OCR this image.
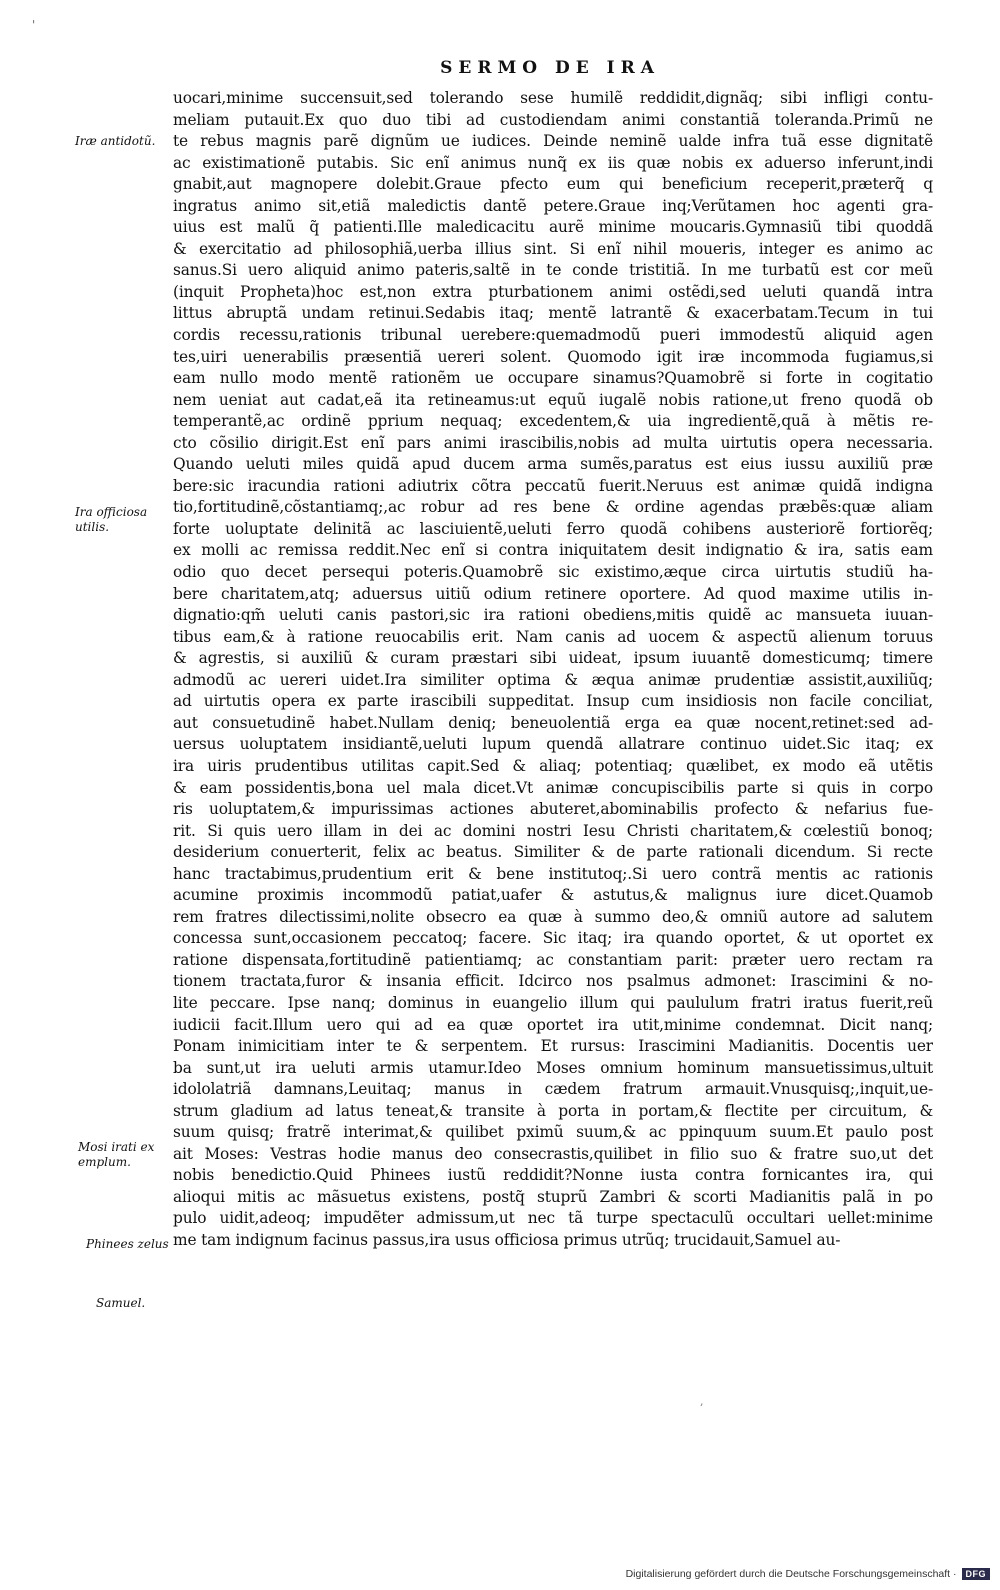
'
SERMO DE IRA
uocari,minime succensuit,sed tolerando sese humilẽ reddidit,dignãq; sibi infligi contu-
meliam putauit.Ex quo duo tibi ad custodiendam animi constantiã toleranda.Primũ ne
te rebus magnis parẽ dignũm ue iudices. Deinde neminẽ ualde infra tuã esse dignitatẽ
ac existimationẽ putabis. Sic enĩ animus nunq̃ ex iis quæ nobis ex aduerso inferunt,indi
gnabit,aut magnopere dolebit.Graue pfecto eum qui beneficium receperit,præterq̃ q
ingratus animo sit,etiã maledictis dantẽ petere.Graue inq;Verũtamen hoc agenti gra-
uius est malũ q̃ patienti.Ille maledicacitu aurẽ minime moucaris.Gymnasiũ tibi quoddã
& exercitatio ad philosophiã,uerba illius sint. Si enĩ nihil moueris, integer es animo ac
sanus.Si uero aliquid animo pateris,saltẽ in te conde tristitiã. In me turbatũ est cor meũ
(inquit Propheta)hoc est,non extra pturbationem animi ostẽdi,sed ueluti quandã intra
littus abruptã undam retinui.Sedabis itaq; mentẽ latrantẽ & exacerbatam.Tecum in tui
cordis recessu,rationis tribunal uerebere:quemadmodũ pueri immodestũ aliquid agen
tes,uiri uenerabilis præsentiã uereri solent. Quomodo igit iræ incommoda fugiamus,si
eam nullo modo mentẽ rationẽm ue occupare sinamus?Quamobrẽ si forte in cogitatio
nem ueniat aut cadat,eã ita retineamus:ut equũ iugalẽ nobis ratione,ut freno quodã ob
temperantẽ,ac ordinẽ pprium nequaq; excedentem,& uia ingredientẽ,quã à mẽtis re-
cto cõsilio dirigit.Est enĩ pars animi irascibilis,nobis ad multa uirtutis opera necessaria.
Quando ueluti miles quidã apud ducem arma sumẽs,paratus est eius iussu auxiliũ præ
bere:sic iracundia rationi adiutrix cõtra peccatũ fuerit.Neruus est animæ quidã indigna
tio,fortitudinẽ,cõstantiamq;,ac robur ad res bene & ordine agendas præbẽs:quæ aliam
forte uoluptate delinitã ac lasciuientẽ,ueluti ferro quodã cohibens austeriorẽ fortiorẽq;
ex molli ac remissa reddit.Nec enĩ si contra iniquitatem desit indignatio & ira, satis eam
odio quo decet persequi poteris.Quamobrẽ sic existimo,æque circa uirtutis studiũ ha-
bere charitatem,atq; aduersus uitiũ odium retinere oportere. Ad quod maxime utilis in-
dignatio:qm̃ ueluti canis pastori,sic ira rationi obediens,mitis quidẽ ac mansueta iuuan-
tibus eam,& à ratione reuocabilis erit. Nam canis ad uocem & aspectũ alienum toruus
& agrestis, si auxiliũ & curam præstari sibi uideat, ipsum iuuantẽ domesticumq; timere
admodũ ac uereri uidet.Ira similiter optima & æqua animæ prudentiæ assistit,auxiliũq;
ad uirtutis opera ex parte irascibili suppeditat. Insup cum insidiosis non facile conciliat,
aut consuetudinẽ habet.Nullam deniq; beneuolentiã erga ea quæ nocent,retinet:sed ad-
uersus uoluptatem insidiantẽ,ueluti lupum quendã allatrare continuo uidet.Sic itaq; ex
ira uiris prudentibus utilitas capit.Sed & aliaq; potentiaq; quælibet, ex modo eã utẽtis
& eam possidentis,bona uel mala dicet.Vt animæ concupiscibilis parte si quis in corpo
ris uoluptatem,& impurissimas actiones abuteret,abominabilis profecto & nefarius fue-
rit. Si quis uero illam in dei ac domini nostri Iesu Christi charitatem,& cœlestiũ bonoq;
desiderium conuerterit, felix ac beatus. Similiter & de parte rationali dicendum. Si recte
hanc tractabimus,prudentium erit & bene institutoq;.Si uero contrã mentis ac rationis
acumine proximis incommodũ patiat,uafer & astutus,& malignus iure dicet.Quamob
rem fratres dilectissimi,nolite obsecro ea quæ à summo deo,& omniũ autore ad salutem
concessa sunt,occasionem peccatoq; facere. Sic itaq; ira quando oportet, & ut oportet ex
ratione dispensata,fortitudinẽ patientiamq; ac constantiam parit: præter uero rectam ra
tionem tractata,furor & insania efficit. Idcirco nos psalmus admonet: Irascimini & no-
lite peccare. Ipse nanq; dominus in euangelio illum qui paululum fratri iratus fuerit,reũ
iudicii facit.Illum uero qui ad ea quæ oportet ira utit,minime condemnat. Dicit nanq;
Ponam inimicitiam inter te & serpentem. Et rursus: Irascimini Madianitis. Docentis uer
ba sunt,ut ira ueluti armis utamur.Ideo Moses omnium hominum mansuetissimus,ultuit
idololatriã damnans,Leuitaq; manus in cædem fratrum armauit.Vnusquisq;,inquit,ue-
strum gladium ad latus teneat,& transite à porta in portam,& flectite per circuitum, &
suum quisq; fratrẽ interimat,& quilibet pximũ suum,& ac ppinquum suum.Et paulo post
ait Moses: Vestras hodie manus deo consecrastis,quilibet in filio suo & fratre suo,ut det
nobis benedictio.Quid Phinees iustũ reddidit?Nonne iusta contra fornicantes ira, qui
alioqui mitis ac mãsuetus existens, postq̃ stuprũ Zambri & scorti Madianitis palã in po
pulo uidit,adeoq; impudẽter admissum,ut nec tã turpe spectaculũ occultari uellet:minime
me tam indignum facinus passus,ira usus officiosa primus utrũq; trucidauit,Samuel au-
Iræ antidotũ.
Ira officiosa utilis.
Mosi irati ex emplum.
Phinees zelus
Samuel.
,
Digitalisierung gefördert durch die Deutsche Forschungsgemeinschaft ·	DFG
